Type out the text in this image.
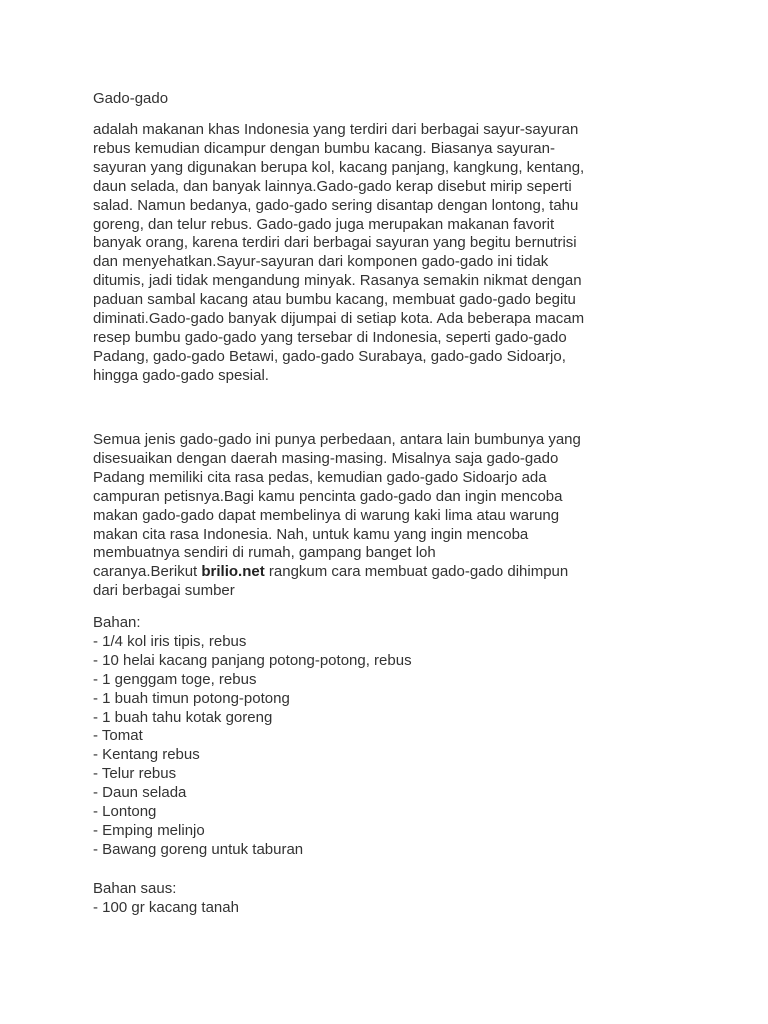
Gado-gado
adalah makanan khas Indonesia yang terdiri dari berbagai sayur-sayuran
rebus kemudian dicampur dengan bumbu kacang. Biasanya sayuran-
sayuran yang digunakan berupa kol, kacang panjang, kangkung, kentang,
daun selada, dan banyak lainnya.Gado-gado kerap disebut mirip seperti
salad. Namun bedanya, gado-gado sering disantap dengan lontong, tahu
goreng, dan telur rebus. Gado-gado juga merupakan makanan favorit
banyak orang, karena terdiri dari berbagai sayuran yang begitu bernutrisi
dan menyehatkan.Sayur-sayuran dari komponen gado-gado ini tidak
ditumis, jadi tidak mengandung minyak. Rasanya semakin nikmat dengan
paduan sambal kacang atau bumbu kacang, membuat gado-gado begitu
diminati.Gado-gado banyak dijumpai di setiap kota. Ada beberapa macam
resep bumbu gado-gado yang tersebar di Indonesia, seperti gado-gado
Padang, gado-gado Betawi, gado-gado Surabaya, gado-gado Sidoarjo,
hingga gado-gado spesial.
Semua jenis gado-gado ini punya perbedaan, antara lain bumbunya yang
disesuaikan dengan daerah masing-masing. Misalnya saja gado-gado
Padang memiliki cita rasa pedas, kemudian gado-gado Sidoarjo ada
campuran petisnya.Bagi kamu pencinta gado-gado dan ingin mencoba
makan gado-gado dapat membelinya di warung kaki lima atau warung
makan cita rasa Indonesia. Nah, untuk kamu yang ingin mencoba
membuatnya sendiri di rumah, gampang banget loh
caranya.Berikut brilio.net rangkum cara membuat gado-gado dihimpun
dari berbagai sumber
Bahan:
- 1/4 kol iris tipis, rebus
- 10 helai kacang panjang potong-potong, rebus
- 1 genggam toge, rebus
- 1 buah timun potong-potong
- 1 buah tahu kotak goreng
- Tomat
- Kentang rebus
- Telur rebus
- Daun selada
- Lontong
- Emping melinjo
- Bawang goreng untuk taburan
Bahan saus:
- 100 gr kacang tanah
